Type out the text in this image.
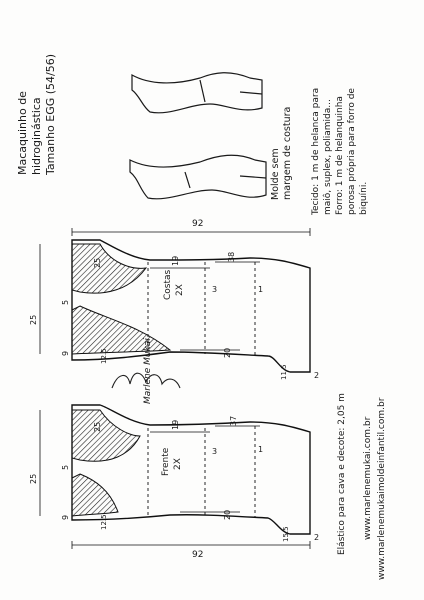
Macaquinho de hidroginástica Tamanho EGG (54/56)	Molde sem margem de costura Tecido: 1 m de helanca para maiô, suplex, poliamida... Forro: 1 m de helanquinha porosa própria para forro de biquíni.
Costas 2X
Frente 2X
92
92
25
25
25
25
9
9
5
5
19
19
38
37
20
20
11.5
15.5
3
3
1
1
2
2
12.5
12.5
Marlene Mukai
Elástico para cava e decote: 2,05 m www.marlenemukai.com.br www.marlenemukaimoldeinfantil.com.br
